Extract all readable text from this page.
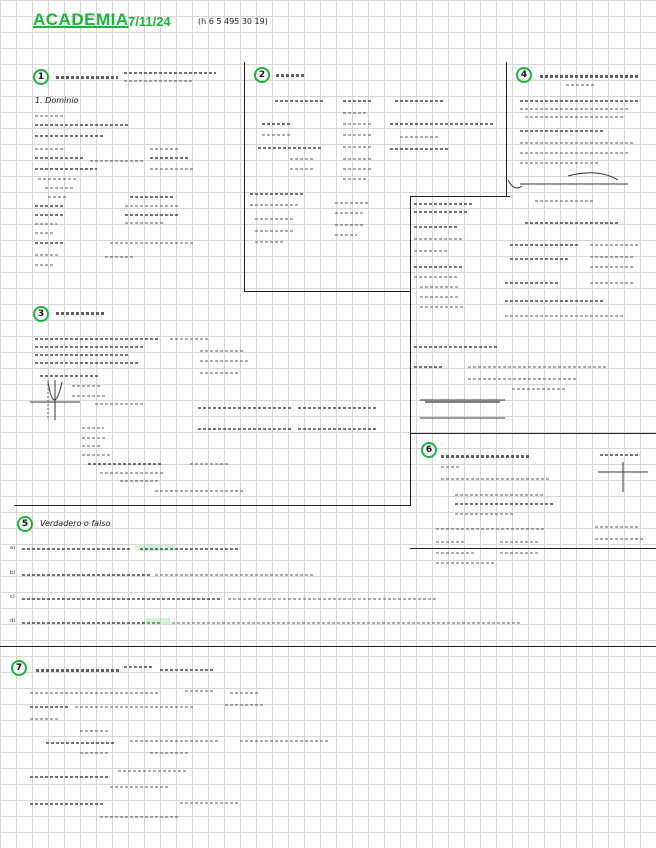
ACADEMIA 7/11/24	(h 6 5 495 30 19)
1
1. Dominio
2
3
4
6
5	Verdadero o falso
a)
b)
c)
d)
7
